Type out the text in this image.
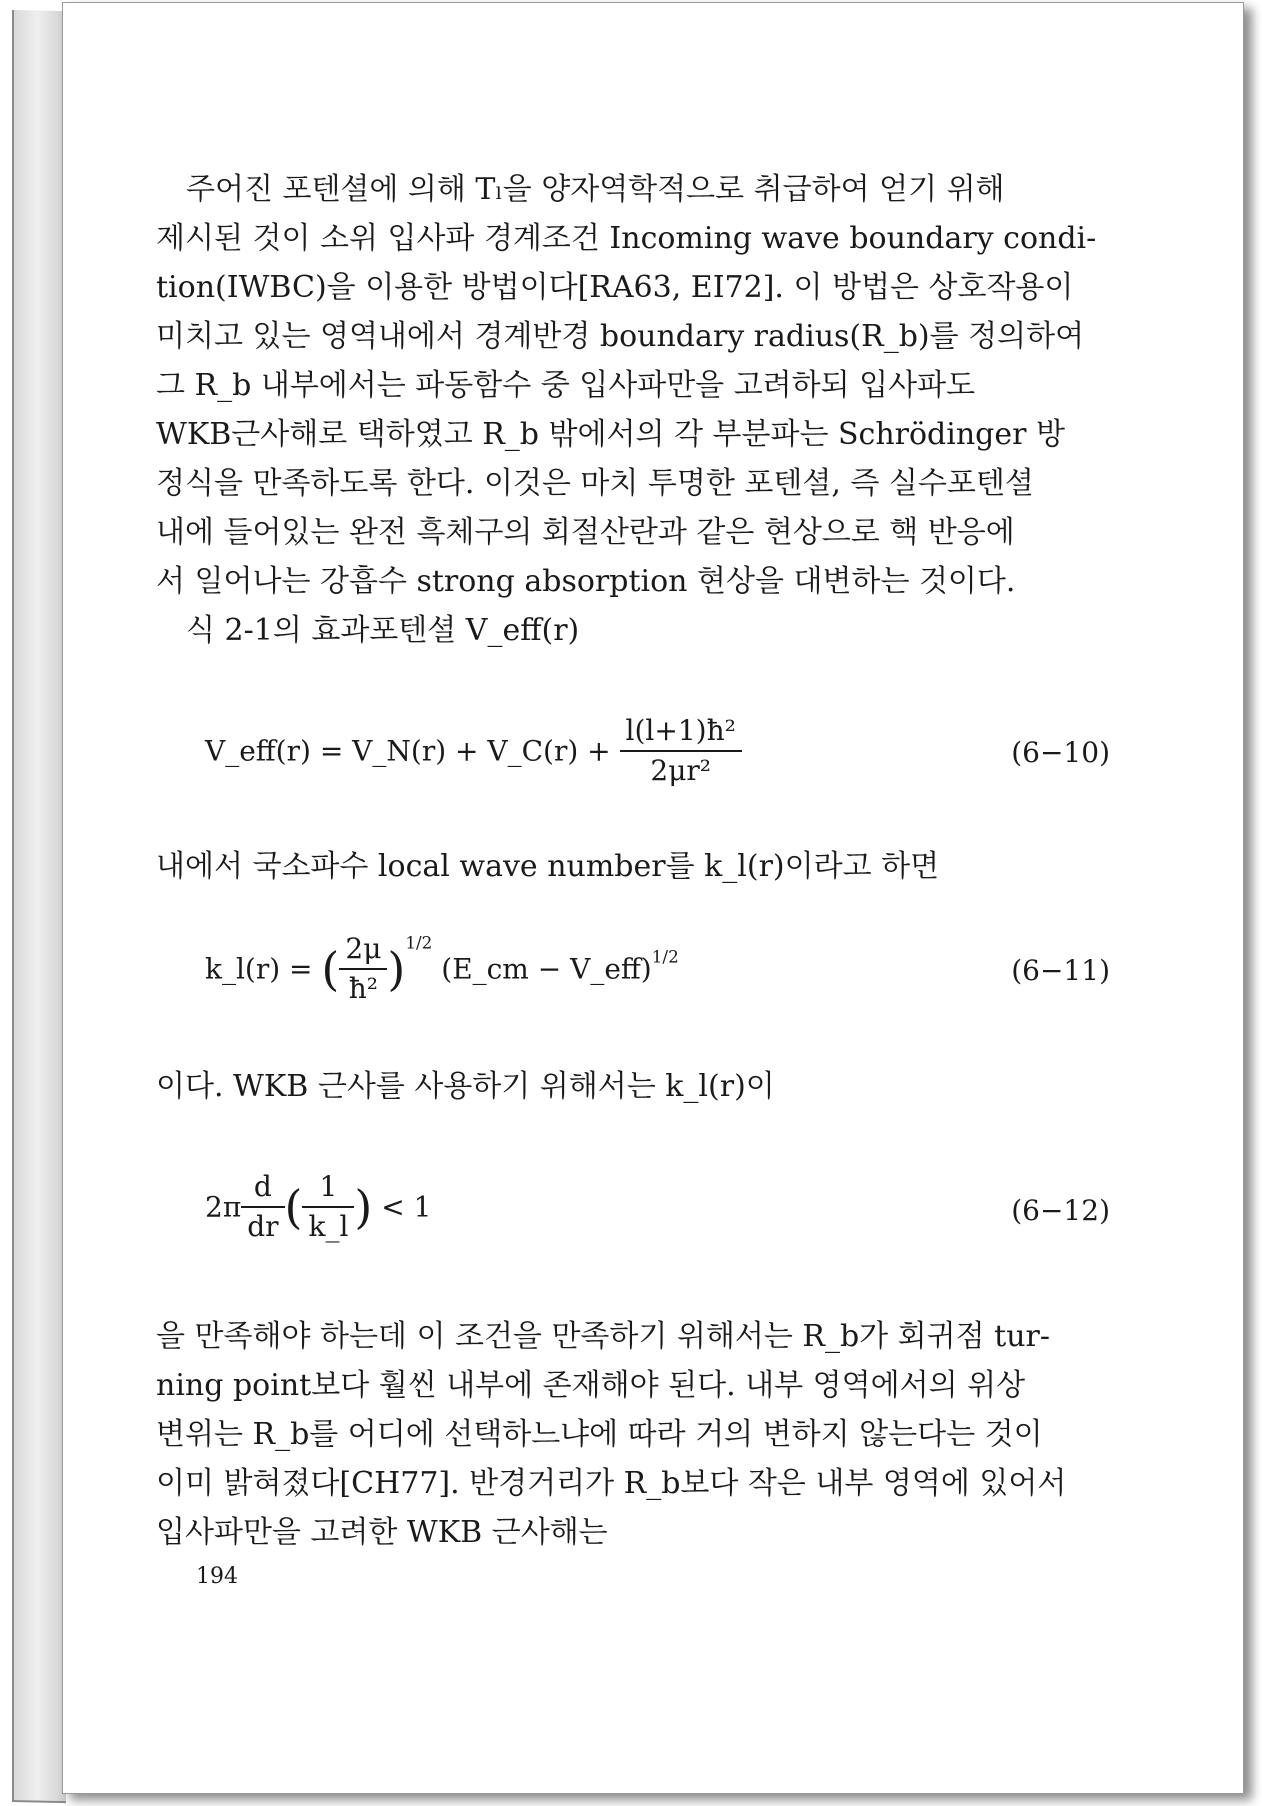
주어진 포텐셜에 의해 Tₗ을 양자역학적으로 취급하여 얻기 위해

제시된 것이 소위 입사파 경계조건 Incoming wave boundary condi-

tion(IWBC)을 이용한 방법이다[RA63, EI72]. 이 방법은 상호작용이

미치고 있는 영역내에서 경계반경 boundary radius(R_b)를 정의하여

그 R_b 내부에서는 파동함수 중 입사파만을 고려하되 입사파도

WKB근사해로 택하였고 R_b 밖에서의 각 부분파는 Schrödinger 방

정식을 만족하도록 한다. 이것은 마치 투명한 포텐셜, 즉 실수포텐셜

내에 들어있는 완전 흑체구의 회절산란과 같은 현상으로 핵 반응에

서 일어나는 강흡수 strong absorption 현상을 대변하는 것이다.

식 2-1의 효과포텐셜 V_eff(r)

V_eff(r) = V_N(r) + V_C(r) + $\frac{\text{l(l+1)ħ²}}{\text{2μr²}}$	(6−10)

내에서 국소파수 local wave number를 k_l(r)이라고 하면

k_l(r) = ( $\frac{2\mu}{\text{ħ²}} )^{1/2}$ (E_cm − V_eff)$^{1/2}$	(6−11)

이다. WKB 근사를 사용하기 위해서는 k_l(r)이

$2\pi \frac{d}{dr}$ ( $\frac{1}{k\_l}$ ) < 1	(6−12)

을 만족해야 하는데 이 조건을 만족하기 위해서는 R_b가 회귀점 tur-

ning point보다 훨씬 내부에 존재해야 된다. 내부 영역에서의 위상

변위는 R_b를 어디에 선택하느냐에 따라 거의 변하지 않는다는 것이

이미 밝혀졌다[CH77]. 반경거리가 R_b보다 작은 내부 영역에 있어서

입사파만을 고려한 WKB 근사해는

194
